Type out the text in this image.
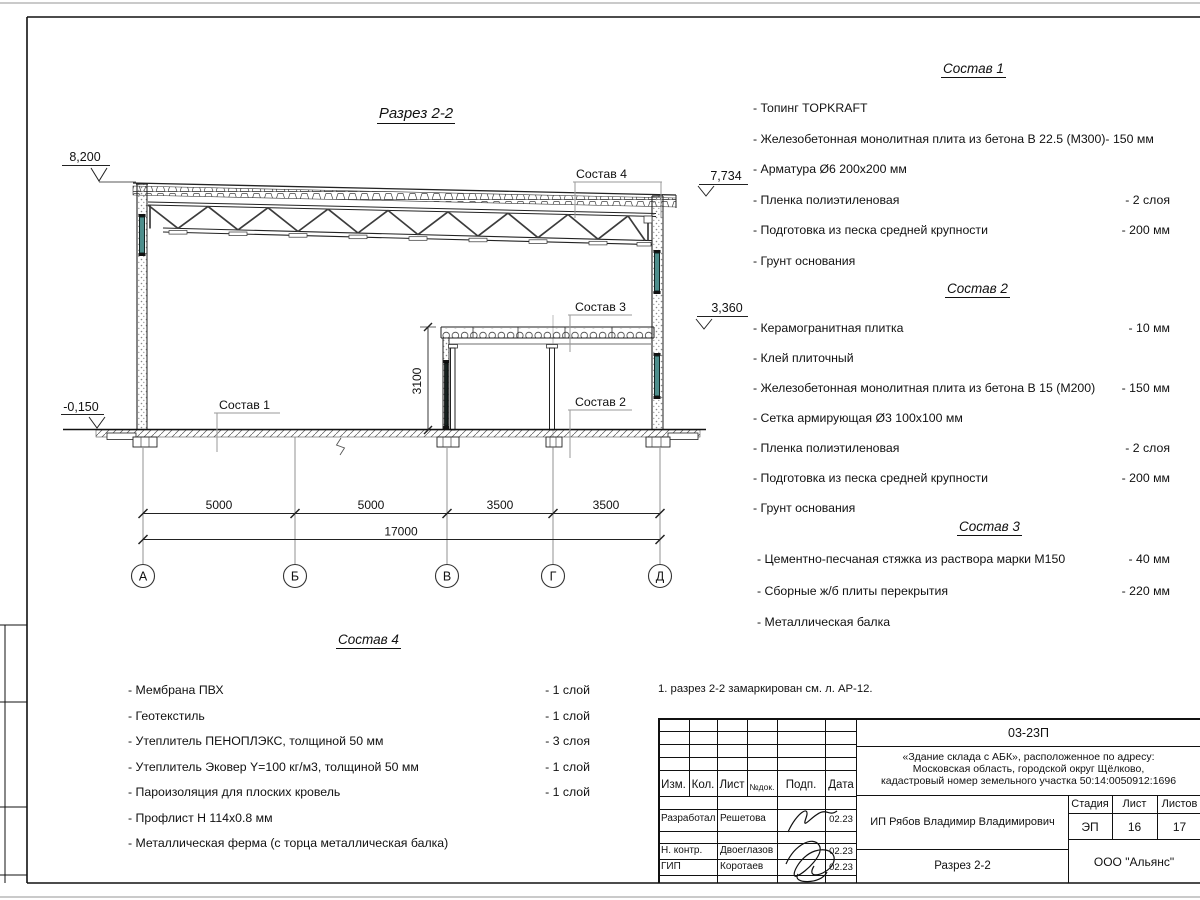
3100
8,200
7,734
3,360
-0,150
Состав 4
Состав 3
Состав 2
Состав 1
5000	5000	3500	3500
17000
А	Б	В	Г	Д
Разрез 2-2
Состав 1
- Топинг TOPKRAFT
- Железобетонная монолитная плита из бетона В 22.5 (М300)- 150 мм
- Арматура Ø6 200х200 мм
- Пленка полиэтиленовая	- 2 слоя
- Подготовка из песка средней крупности	- 200 мм
- Грунт основания
Состав 2
- Керамогранитная плитка	- 10 мм
- Клей плиточный
- Железобетонная монолитная плита из бетона В 15 (М200) - 150 мм
- Сетка армирующая Ø3 100х100 мм
- Пленка полиэтиленовая	- 2 слоя
- Подготовка из песка средней крупности	- 200 мм
- Грунт основания
Состав 3
- Цементно-песчаная стяжка из раствора марки М150	- 40 мм
- Сборные ж/б плиты перекрытия	- 220 мм
- Металлическая балка
Состав 4
- Мембрана ПВХ	- 1 слой
- Геотекстиль	- 1 слой
- Утеплитель ПЕНОПЛЭКС, толщиной 50 мм	- 3 слоя
- Утеплитель Эковер Y=100 кг/м3, толщиной 50 мм	- 1 слой
- Пароизоляция для плоских кровель	- 1 слой
- Профлист Н 114х0.8 мм
- Металлическая ферма (с торца металлическая балка)
1. разрез 2-2 замаркирован см. л. АР-12.
Изм. Кол. Лист №док. Подп.	Дата
Разработал Решетова	02.23
Н. контр. Двоеглазов	02.23
ГИП	Коротаев	02.23
03-23П
«Здание склада с АБК», расположенное по адресу:
Московская область, городской округ Щёлково,
кадастровый номер земельного участка 50:14:0050912:1696
ИП Рябов Владимир Владимирович
Разрез 2-2
Стадия	Лист	Листов
ЭП	16	17
ООО "Альянс"
